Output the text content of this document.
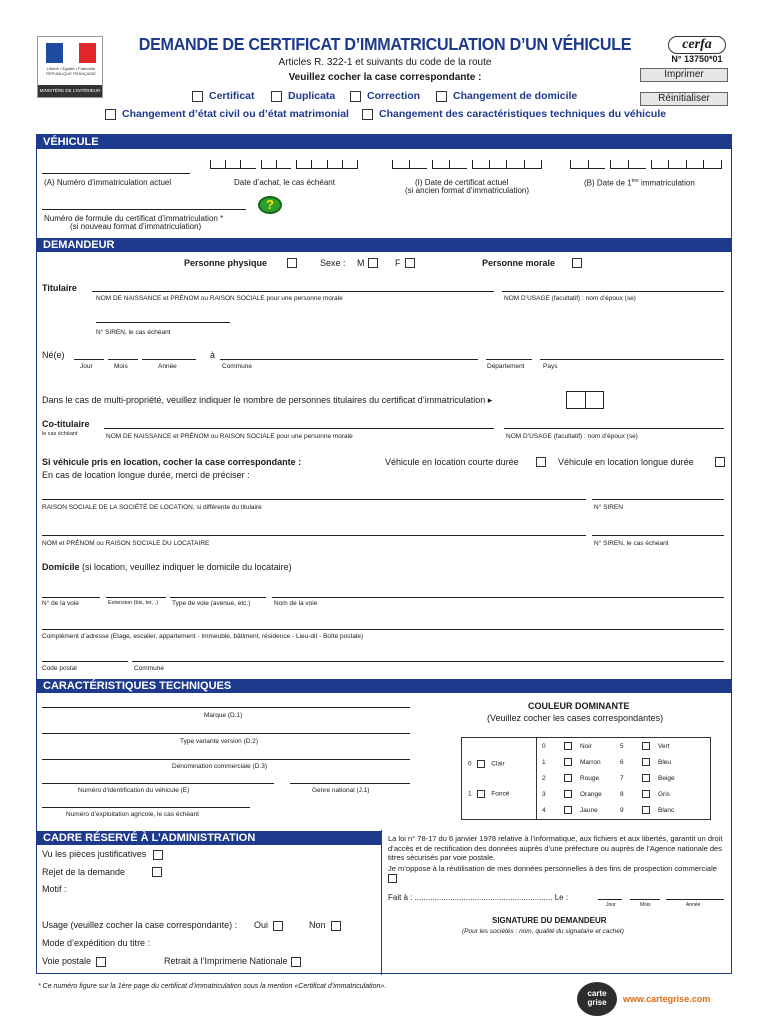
Liberté • Égalité • Fraternité RÉPUBLIQUE FRANÇAISE
MINISTÈRE DE L’INTÉRIEUR
DEMANDE DE CERTIFICAT D’IMMATRICULATION D’UN VÉHICULE
Articles R. 322-1 et suivants du code de la route
Veuillez cocher la case correspondante :
cerfa
N° 13750*01
Imprimer
Réinitialiser
Certificat	Duplicata	Correction	Changement de domicile
Changement d’état civil ou d’état matrimonial	Changement des caractéristiques techniques du véhicule
VÉHICULE
(A) Numéro d’immatriculation actuel	Date d’achat, le cas échéant	(I) Date de certificat actuel
(si ancien format d’immatriculation)
(B) Date de 1ère immatriculation
Numéro de formule du certificat d’immatriculation *
(si nouveau format d’immatriculation)
?
DEMANDEUR
Personne physique	Sexe : M	F	Personne morale
Titulaire
NOM DE NAISSANCE et PRÉNOM ou RAISON SOCIALE pour une personne morale	NOM D’USAGE (facultatif) : nom d’époux (se)
N° SIREN, le cas échéant
Né(e)
Jour	Mois	Année
à
Commune	Département	Pays
Dans le cas de multi-propriété, veuillez indiquer le nombre de personnes titulaires du certificat d’immatriculation ▸
Co-titulaire
le cas échéant	NOM DE NAISSANCE et PRÉNOM ou RAISON SOCIALE pour une personne morale	NOM D’USAGE (facultatif) : nom d’époux (se)
Si véhicule pris en location, cocher la case correspondante :	Véhicule en location courte durée	Véhicule en location longue durée
En cas de location longue durée, merci de préciser :
RAISON SOCIALE DE LA SOCIÉTÉ DE LOCATION, si différente du titulaire	N° SIREN
NOM et PRÉNOM ou RAISON SOCIALE DU LOCATAIRE	N° SIREN, le cas échéant
Domicile (si location, veuillez indiquer le domicile du locataire)
N° de la voie	Extension (bis, ter, .) Type de voie (avenue, etc.)	Nom de la voie
Complément d’adresse (Etage, escalier, appartement - Immeuble, bâtiment, résidence - Lieu-dit - Boîte postale)
Code postal	Commune
CARACTÉRISTIQUES TECHNIQUES
Marque (D.1)
Type variante version (D.2)
Dénomination commerciale (D.3)
Numéro d’identification du véhicule (E)	Genre national (J.1)
Numéro d’exploitation agricole, le cas échéant
COULEUR DOMINANTE
(Veuillez cocher les cases correspondantes)
0	Clair
1	Foncé
0	Noir	5	Vert
1	Marron	6	Bleu
2	Rouge	7	Beige
3	Orange	8	Gris
4	Jaune	9	Blanc
CADRE RÉSERVÉ À L’ADMINISTRATION
Vu les pièces justificatives
Rejet de la demande
Motif :
Usage (veuillez cocher la case correspondante) : Oui	Non
Mode d’expédition du titre :
Voie postale	Retrait à l’Imprimerie Nationale
La loi n° 78-17 du 6 janvier 1978 relative à l’informatique, aux fichiers et aux libertés, garantit un droit d’accès et de rectification des données auprès d’une préfecture ou auprès de l’Agence nationale des titres sécurisés par voie postale.
Je m’oppose à la réutilisation de mes données personnelles à des fins de prospection commerciale
Fait à : .............................................................. Le :
Jour	Mois	Année
SIGNATURE DU DEMANDEUR
(Pour les sociétés : nom, qualité du signataire et cachet)
* Ce numéro figure sur la 1ère page du certificat d’immatriculation sous la mention «Certificat d’immatriculation».
carte grise	www.cartegrise.com
